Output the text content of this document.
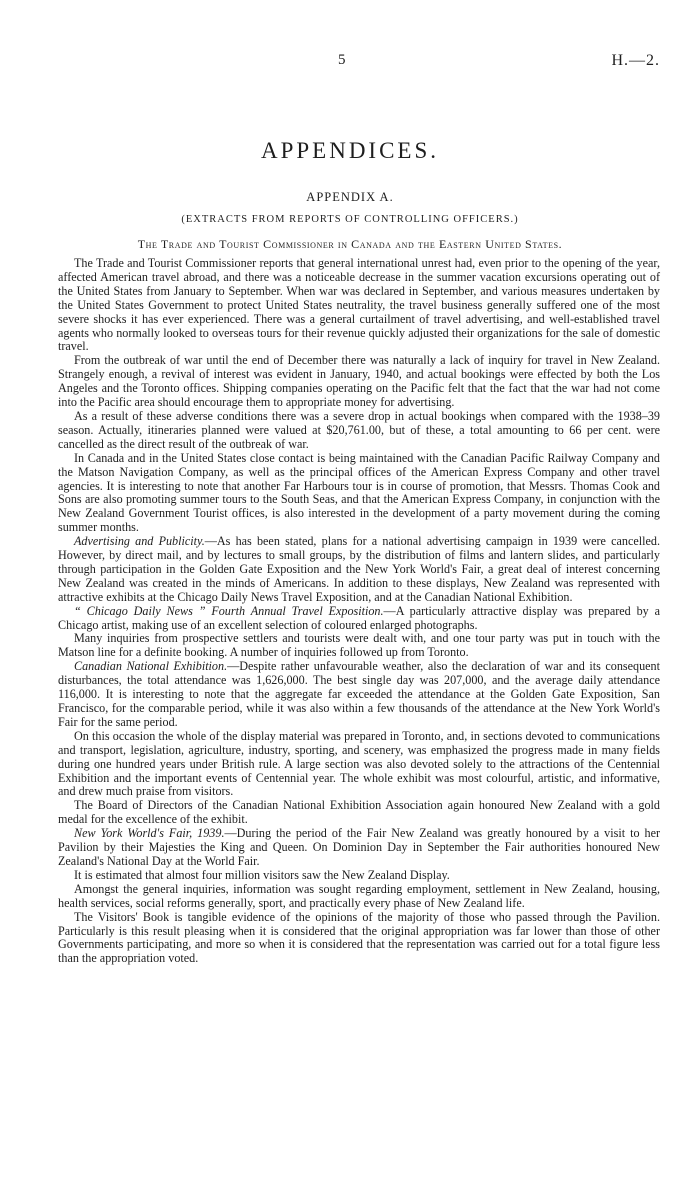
5	H.—2.
APPENDICES.
APPENDIX A.
(EXTRACTS FROM REPORTS OF CONTROLLING OFFICERS.)
The Trade and Tourist Commissioner in Canada and the Eastern United States.

The Trade and Tourist Commissioner reports that general international unrest had, even prior to the opening of the year, affected American travel abroad, and there was a noticeable decrease in the summer vacation excursions operating out of the United States from January to September. When war was declared in September, and various measures undertaken by the United States Government to protect United States neutrality, the travel business generally suffered one of the most severe shocks it has ever experienced. There was a general curtailment of travel advertising, and well-established travel agents who normally looked to overseas tours for their revenue quickly adjusted their organizations for the sale of domestic travel.

From the outbreak of war until the end of December there was naturally a lack of inquiry for travel in New Zealand. Strangely enough, a revival of interest was evident in January, 1940, and actual bookings were effected by both the Los Angeles and the Toronto offices. Shipping companies operating on the Pacific felt that the fact that the war had not come into the Pacific area should encourage them to appropriate money for advertising.

As a result of these adverse conditions there was a severe drop in actual bookings when compared with the 1938–39 season. Actually, itineraries planned were valued at $20,761.00, but of these, a total amounting to 66 per cent. were cancelled as the direct result of the outbreak of war.

In Canada and in the United States close contact is being maintained with the Canadian Pacific Railway Company and the Matson Navigation Company, as well as the principal offices of the American Express Company and other travel agencies. It is interesting to note that another Far Harbours tour is in course of promotion, that Messrs. Thomas Cook and Sons are also promoting summer tours to the South Seas, and that the American Express Company, in conjunction with the New Zealand Government Tourist offices, is also interested in the development of a party movement during the coming summer months.

Advertising and Publicity.—As has been stated, plans for a national advertising campaign in 1939 were cancelled. However, by direct mail, and by lectures to small groups, by the distribution of films and lantern slides, and particularly through participation in the Golden Gate Exposition and the New York World's Fair, a great deal of interest concerning New Zealand was created in the minds of Americans. In addition to these displays, New Zealand was represented with attractive exhibits at the Chicago Daily News Travel Exposition, and at the Canadian National Exhibition.

“ Chicago Daily News ” Fourth Annual Travel Exposition.—A particularly attractive display was prepared by a Chicago artist, making use of an excellent selection of coloured enlarged photographs.

Many inquiries from prospective settlers and tourists were dealt with, and one tour party was put in touch with the Matson line for a definite booking. A number of inquiries followed up from Toronto.

Canadian National Exhibition.—Despite rather unfavourable weather, also the declaration of war and its consequent disturbances, the total attendance was 1,626,000. The best single day was 207,000, and the average daily attendance 116,000. It is interesting to note that the aggregate far exceeded the attendance at the Golden Gate Exposition, San Francisco, for the comparable period, while it was also within a few thousands of the attendance at the New York World's Fair for the same period.

On this occasion the whole of the display material was prepared in Toronto, and, in sections devoted to communications and transport, legislation, agriculture, industry, sporting, and scenery, was emphasized the progress made in many fields during one hundred years under British rule. A large section was also devoted solely to the attractions of the Centennial Exhibition and the important events of Centennial year. The whole exhibit was most colourful, artistic, and informative, and drew much praise from visitors.

The Board of Directors of the Canadian National Exhibition Association again honoured New Zealand with a gold medal for the excellence of the exhibit.

New York World's Fair, 1939.—During the period of the Fair New Zealand was greatly honoured by a visit to her Pavilion by their Majesties the King and Queen. On Dominion Day in September the Fair authorities honoured New Zealand's National Day at the World Fair.

It is estimated that almost four million visitors saw the New Zealand Display.

Amongst the general inquiries, information was sought regarding employment, settlement in New Zealand, housing, health services, social reforms generally, sport, and practically every phase of New Zealand life.

The Visitors' Book is tangible evidence of the opinions of the majority of those who passed through the Pavilion. Particularly is this result pleasing when it is considered that the original appropriation was far lower than those of other Governments participating, and more so when it is considered that the representation was carried out for a total figure less than the appropriation voted.
